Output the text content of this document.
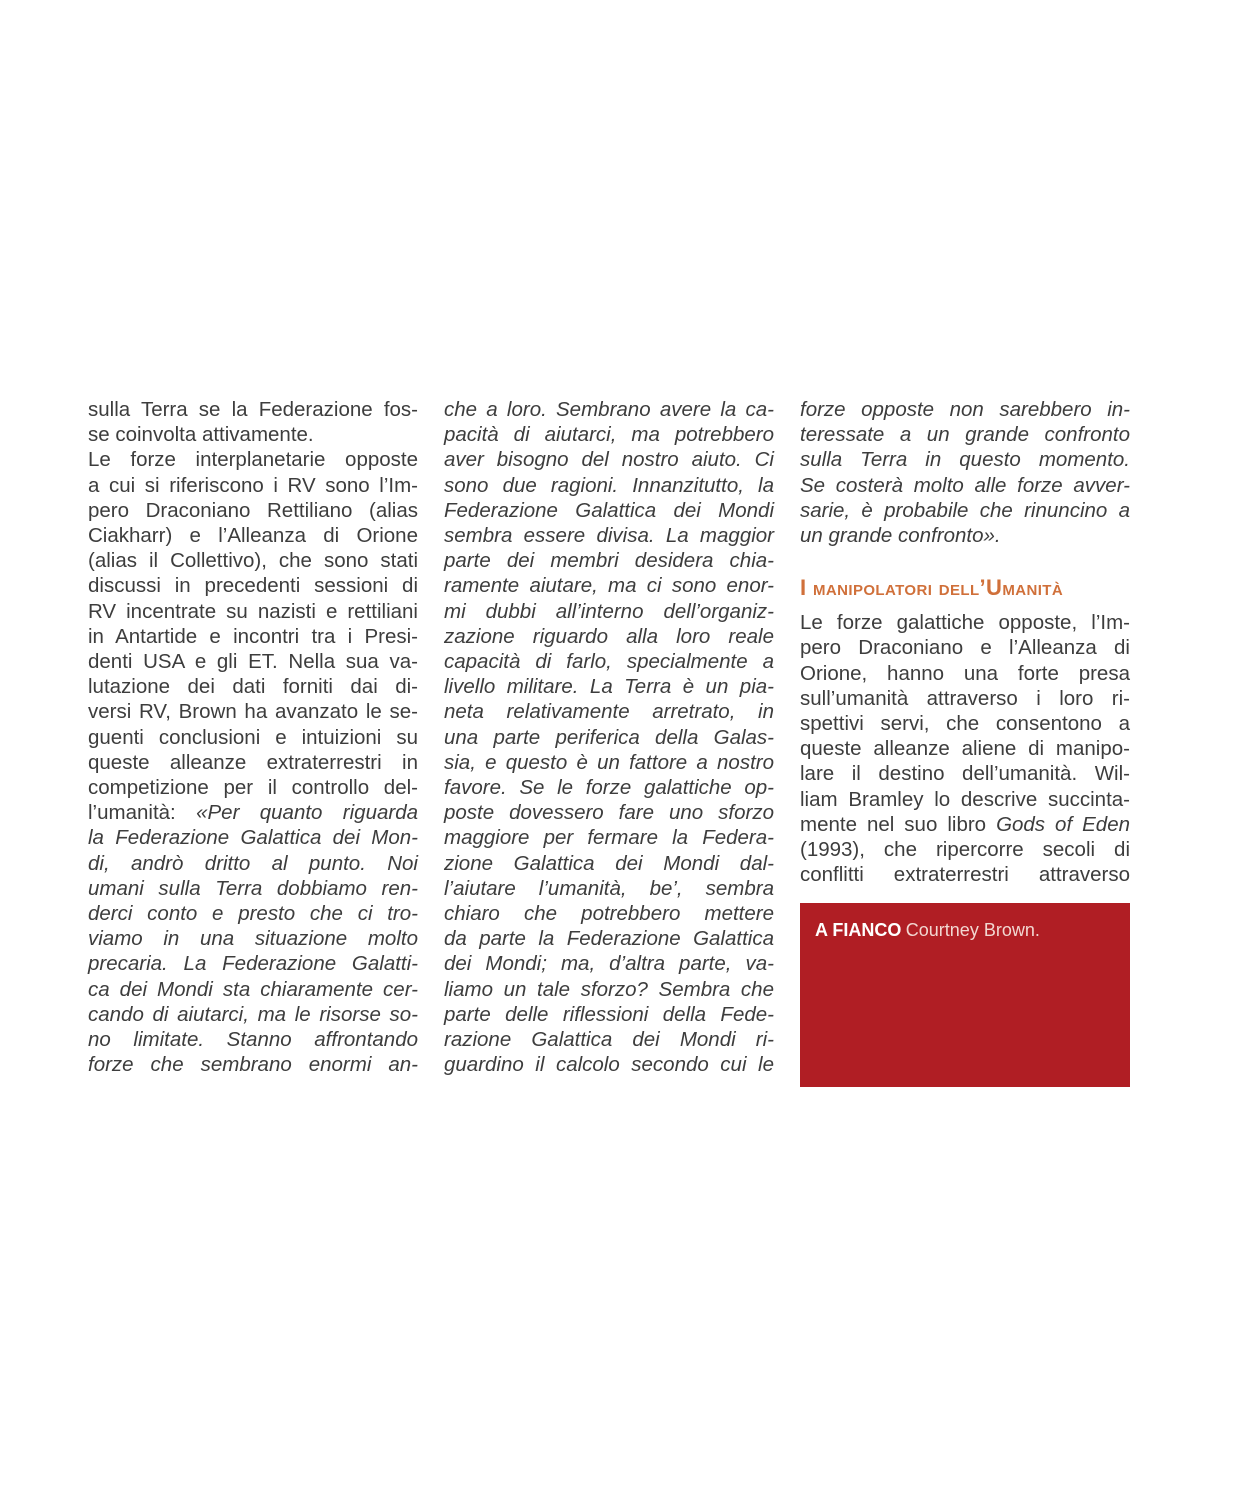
sulla Terra se la Federazione fos-
se coinvolta attivamente.
Le forze interplanetarie opposte
a cui si riferiscono i RV sono l’Im-
pero Draconiano Rettiliano (alias
Ciakharr) e l’Alleanza di Orione
(alias il Collettivo), che sono stati
discussi in precedenti sessioni di
RV incentrate su nazisti e rettiliani
in Antartide e incontri tra i Presi-
denti USA e gli ET. Nella sua va-
lutazione dei dati forniti dai di-
versi RV, Brown ha avanzato le se-
guenti conclusioni e intuizioni su
queste alleanze extraterrestri in
competizione per il controllo del-
l’umanità: «Per quanto riguarda
la Federazione Galattica dei Mon-
di, andrò dritto al punto. Noi
umani sulla Terra dobbiamo ren-
derci conto e presto che ci tro-
viamo in una situazione molto
precaria. La Federazione Galatti-
ca dei Mondi sta chiaramente cer-
cando di aiutarci, ma le risorse so-
no limitate. Stanno affrontando
forze che sembrano enormi an-
che a loro. Sembrano avere la ca-
pacità di aiutarci, ma potrebbero
aver bisogno del nostro aiuto. Ci
sono due ragioni. Innanzitutto, la
Federazione Galattica dei Mondi
sembra essere divisa. La maggior
parte dei membri desidera chia-
ramente aiutare, ma ci sono enor-
mi dubbi all’interno dell’organiz-
zazione riguardo alla loro reale
capacità di farlo, specialmente a
livello militare. La Terra è un pia-
neta relativamente arretrato, in
una parte periferica della Galas-
sia, e questo è un fattore a nostro
favore. Se le forze galattiche op-
poste dovessero fare uno sforzo
maggiore per fermare la Federa-
zione Galattica dei Mondi dal-
l’aiutare l’umanità, be’, sembra
chiaro che potrebbero mettere
da parte la Federazione Galattica
dei Mondi; ma, d’altra parte, va-
liamo un tale sforzo? Sembra che
parte delle riflessioni della Fede-
razione Galattica dei Mondi ri-
guardino il calcolo secondo cui le
forze opposte non sarebbero in-
teressate a un grande confronto
sulla Terra in questo momento.
Se costerà molto alle forze avver-
sarie, è probabile che rinuncino a
un grande confronto».
I manipolatori dell’Umanità
Le forze galattiche opposte, l’Im-
pero Draconiano e l’Alleanza di
Orione, hanno una forte presa
sull’umanità attraverso i loro ri-
spettivi servi, che consentono a
queste alleanze aliene di manipo-
lare il destino dell’umanità. Wil-
liam Bramley lo descrive succinta-
mente nel suo libro Gods of Eden
(1993), che ripercorre secoli di
conflitti extraterrestri attraverso
A FIANCO Courtney Brown.
